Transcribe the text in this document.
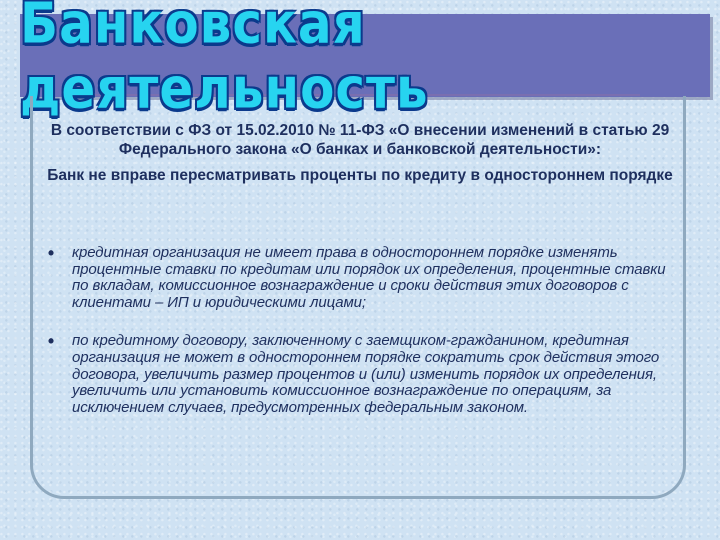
Банковская деятельность
В соответствии с ФЗ от 15.02.2010 № 11-ФЗ «О внесении изменений в статью 29 Федерального закона «О банках и банковской деятельности»:
Банк не вправе пересматривать проценты по кредиту в одностороннем порядке
•	кредитная организация не имеет права в одностороннем порядке изменять процентные ставки по кредитам или порядок их определения, процентные ставки по вкладам, комиссионное вознаграждение и сроки действия этих договоров с клиентами – ИП и юридическими лицами;
•	по кредитному договору, заключенному с заемщиком-гражданином, кредитная организация не может в одностороннем порядке сократить срок действия этого договора, увеличить размер процентов и (или) изменить порядок их определения, увеличить или установить комиссионное вознаграждение по операциям, за исключением случаев, предусмотренных федеральным законом.
